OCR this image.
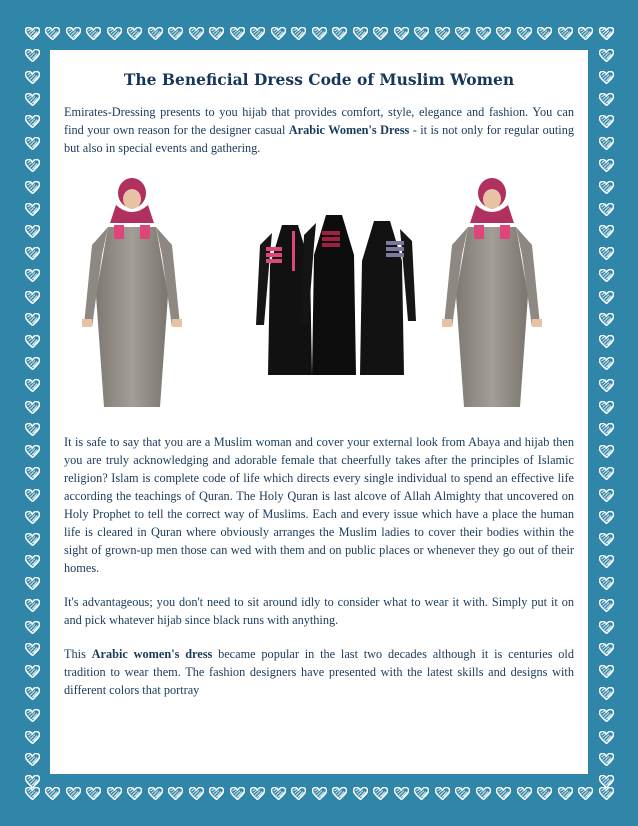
The Beneficial Dress Code of Muslim Women

Emirates-Dressing presents to you hijab that provides comfort, style, elegance and fashion. You can find your own reason for the designer casual Arabic Women's Dress - it is not only for regular outing but also in special events and gathering.

It is safe to say that you are a Muslim woman and cover your external look from Abaya and hijab then you are truly acknowledging and adorable female that cheerfully takes after the principles of Islamic religion? Islam is complete code of life which directs every single individual to spend an effective life according the teachings of Quran. The Holy Quran is last alcove of Allah Almighty that uncovered on Holy Prophet to tell the correct way of Muslims. Each and every issue which have a place the human life is cleared in Quran where obviously arranges the Muslim ladies to cover their bodies within the sight of grown-up men those can wed with them and on public places or whenever they go out of their homes.

It's advantageous; you don't need to sit around idly to consider what to wear it with. Simply put it on and pick whatever hijab since black runs with anything.

This Arabic women's dress became popular in the last two decades although it is centuries old tradition to wear them. The fashion designers have presented with the latest skills and designs with different colors that portray
